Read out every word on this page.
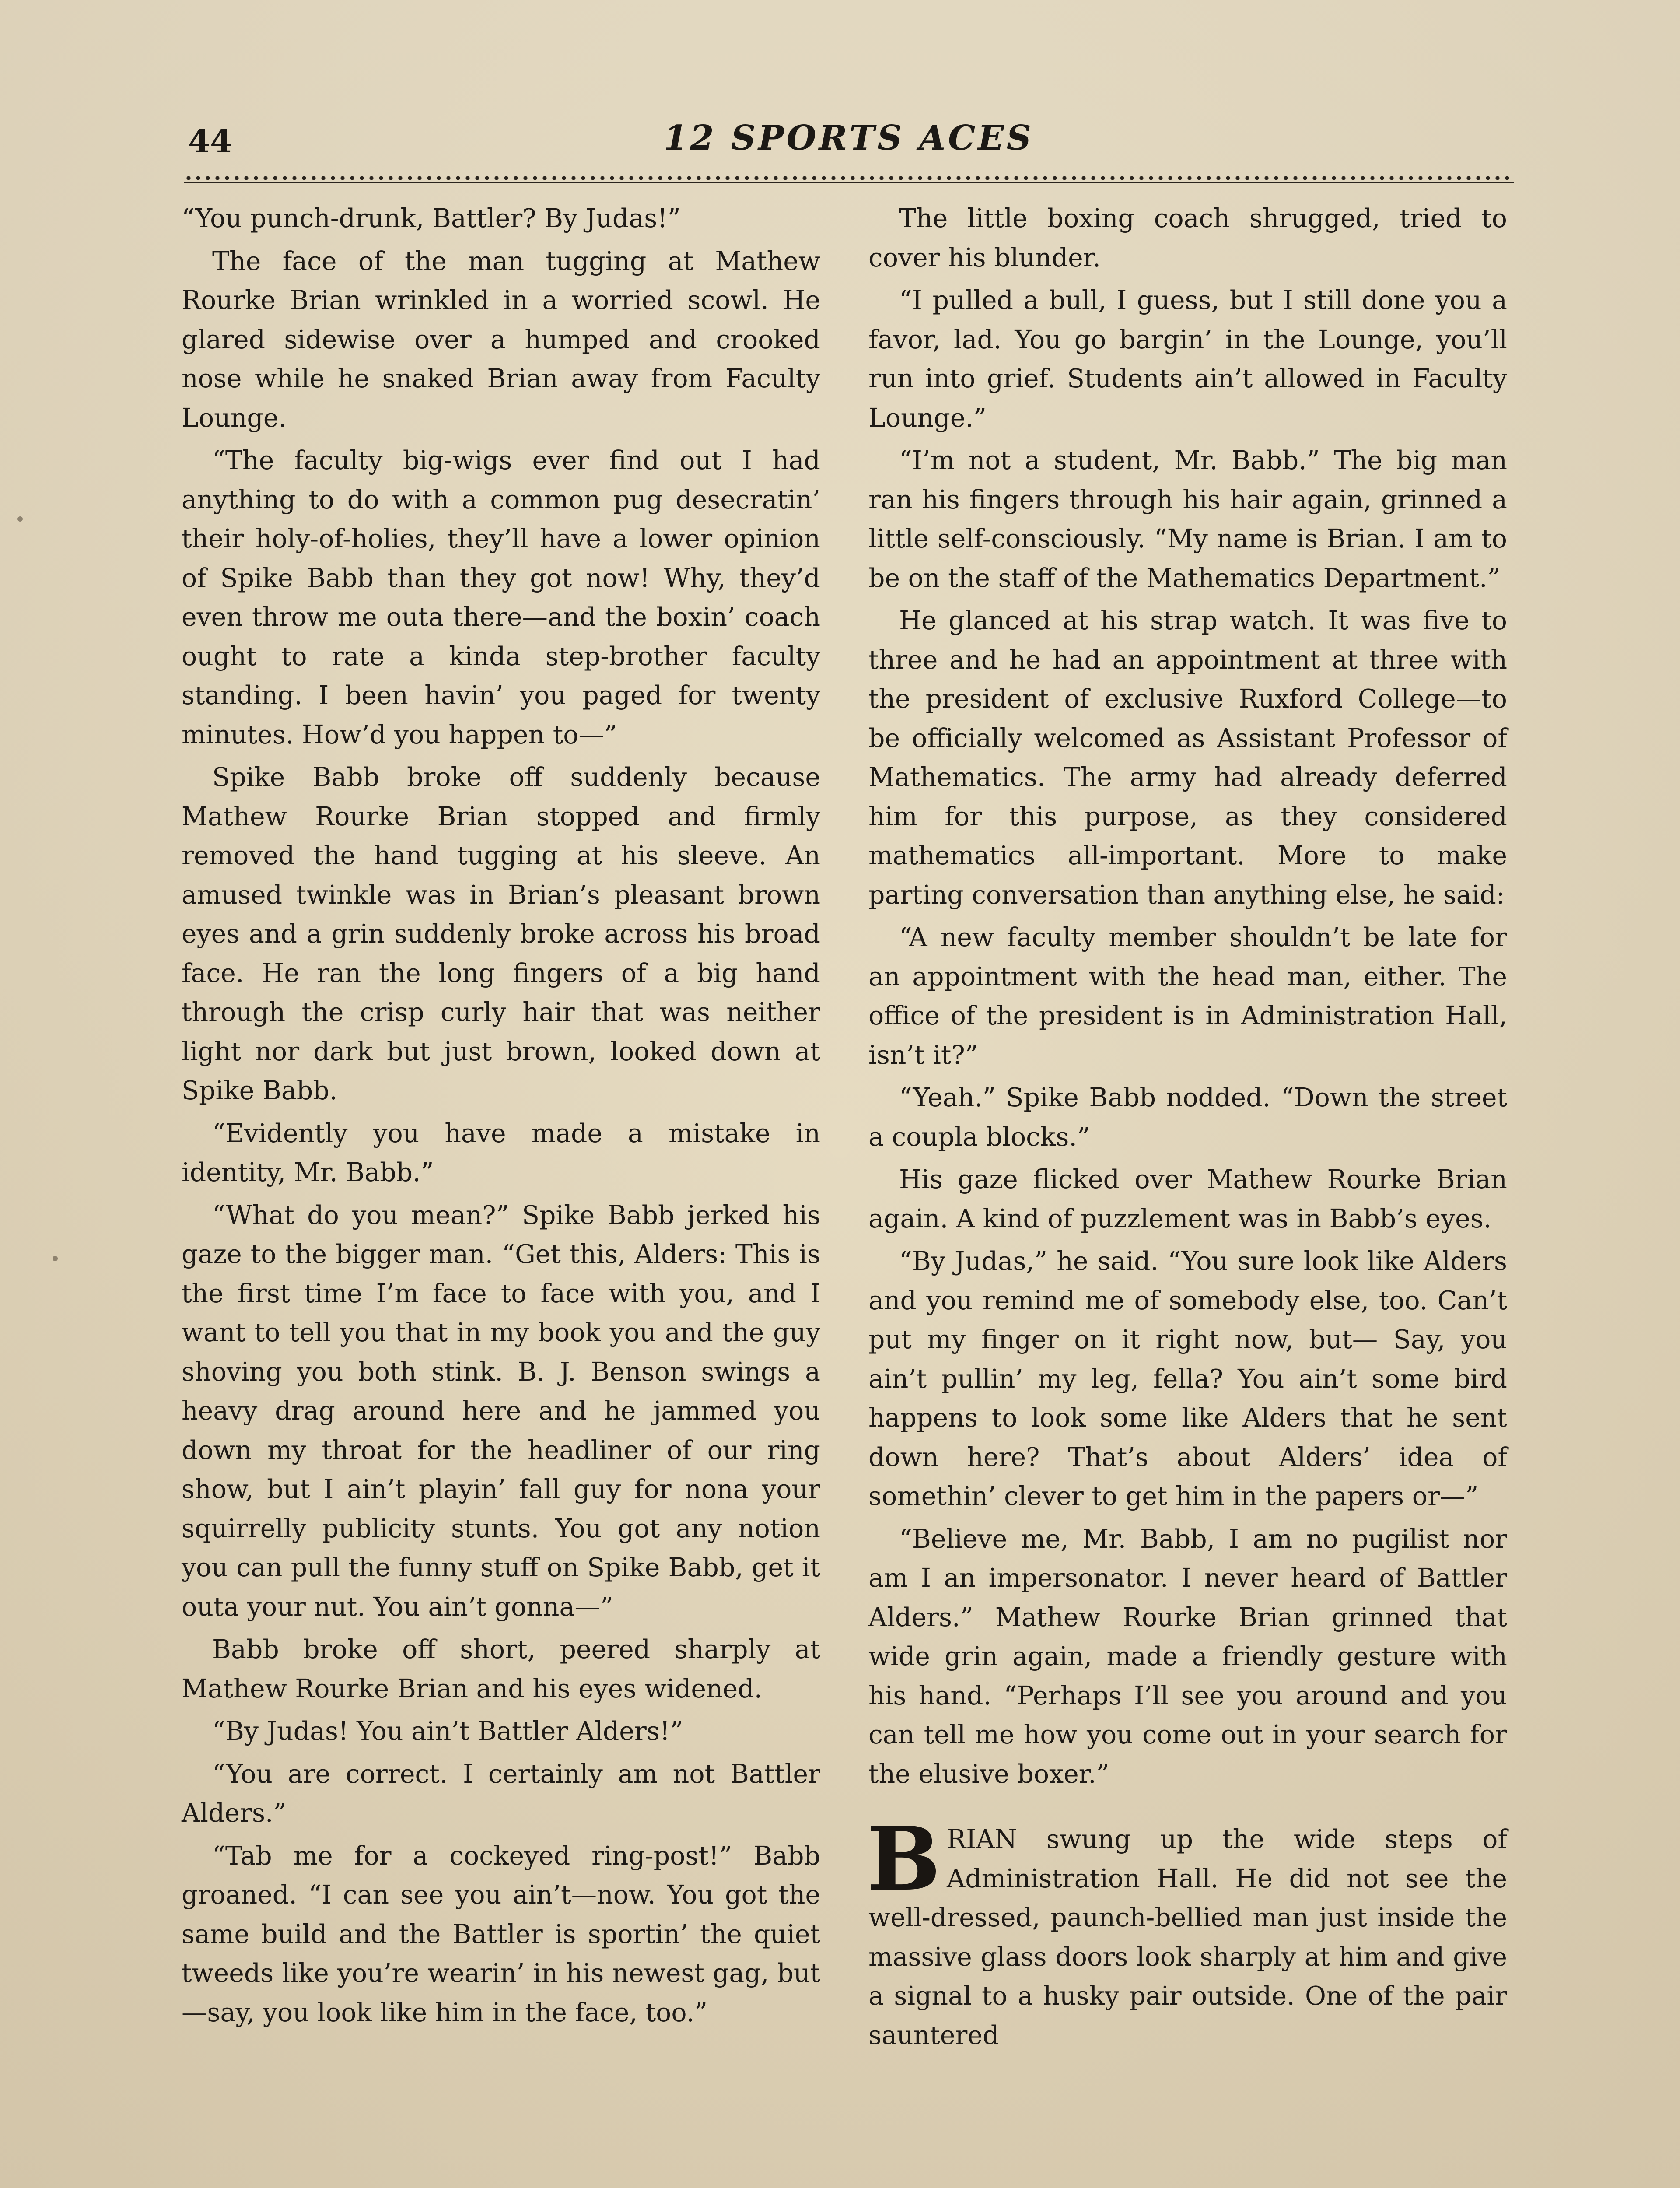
44	12 SPORTS ACES

“You punch-drunk, Battler? By Judas!”

The face of the man tugging at Mathew Rourke Brian wrinkled in a worried scowl. He glared sidewise over a humped and crooked nose while he snaked Brian away from Faculty Lounge.

“The faculty big-wigs ever find out I had anything to do with a common pug desecratin’ their holy-of-holies, they’ll have a lower opinion of Spike Babb than they got now! Why, they’d even throw me outa there—and the boxin’ coach ought to rate a kinda step-brother faculty standing. I been havin’ you paged for twenty minutes. How’d you happen to—”

Spike Babb broke off suddenly because Mathew Rourke Brian stopped and firmly removed the hand tugging at his sleeve. An amused twinkle was in Brian’s pleasant brown eyes and a grin suddenly broke across his broad face. He ran the long fingers of a big hand through the crisp curly hair that was neither light nor dark but just brown, looked down at Spike Babb.

“Evidently you have made a mistake in identity, Mr. Babb.”

“What do you mean?” Spike Babb jerked his gaze to the bigger man. “Get this, Alders: This is the first time I’m face to face with you, and I want to tell you that in my book you and the guy shoving you both stink. B. J. Benson swings a heavy drag around here and he jammed you down my throat for the headliner of our ring show, but I ain’t playin’ fall guy for nona your squirrelly publicity stunts. You got any notion you can pull the funny stuff on Spike Babb, get it outa your nut. You ain’t gonna—”

Babb broke off short, peered sharply at Mathew Rourke Brian and his eyes widened.

“By Judas! You ain’t Battler Alders!”

“You are correct. I certainly am not Battler Alders.”

“Tab me for a cockeyed ring-post!” Babb groaned. “I can see you ain’t—now. You got the same build and the Battler is sportin’ the quiet tweeds like you’re wearin’ in his newest gag, but—say, you look like him in the face, too.”

The little boxing coach shrugged, tried to cover his blunder.

“I pulled a bull, I guess, but I still done you a favor, lad. You go bargin’ in the Lounge, you’ll run into grief. Students ain’t allowed in Faculty Lounge.”

“I’m not a student, Mr. Babb.” The big man ran his fingers through his hair again, grinned a little self-consciously. “My name is Brian. I am to be on the staff of the Mathematics Department.”

He glanced at his strap watch. It was five to three and he had an appointment at three with the president of exclusive Ruxford College—to be officially welcomed as Assistant Professor of Mathematics. The army had already deferred him for this purpose, as they considered mathematics all-important. More to make parting conversation than anything else, he said:

“A new faculty member shouldn’t be late for an appointment with the head man, either. The office of the president is in Administration Hall, isn’t it?”

“Yeah.” Spike Babb nodded. “Down the street a coupla blocks.”

His gaze flicked over Mathew Rourke Brian again. A kind of puzzlement was in Babb’s eyes.

“By Judas,” he said. “You sure look like Alders and you remind me of somebody else, too. Can’t put my finger on it right now, but— Say, you ain’t pullin’ my leg, fella? You ain’t some bird happens to look some like Alders that he sent down here? That’s about Alders’ idea of somethin’ clever to get him in the papers or—”

“Believe me, Mr. Babb, I am no pugilist nor am I an impersonator. I never heard of Battler Alders.” Mathew Rourke Brian grinned that wide grin again, made a friendly gesture with his hand. “Perhaps I’ll see you around and you can tell me how you come out in your search for the elusive boxer.”

BRIAN swung up the wide steps of Administration Hall. He did not see the well-dressed, paunch-bellied man just inside the massive glass doors look sharply at him and give a signal to a husky pair outside. One of the pair sauntered
